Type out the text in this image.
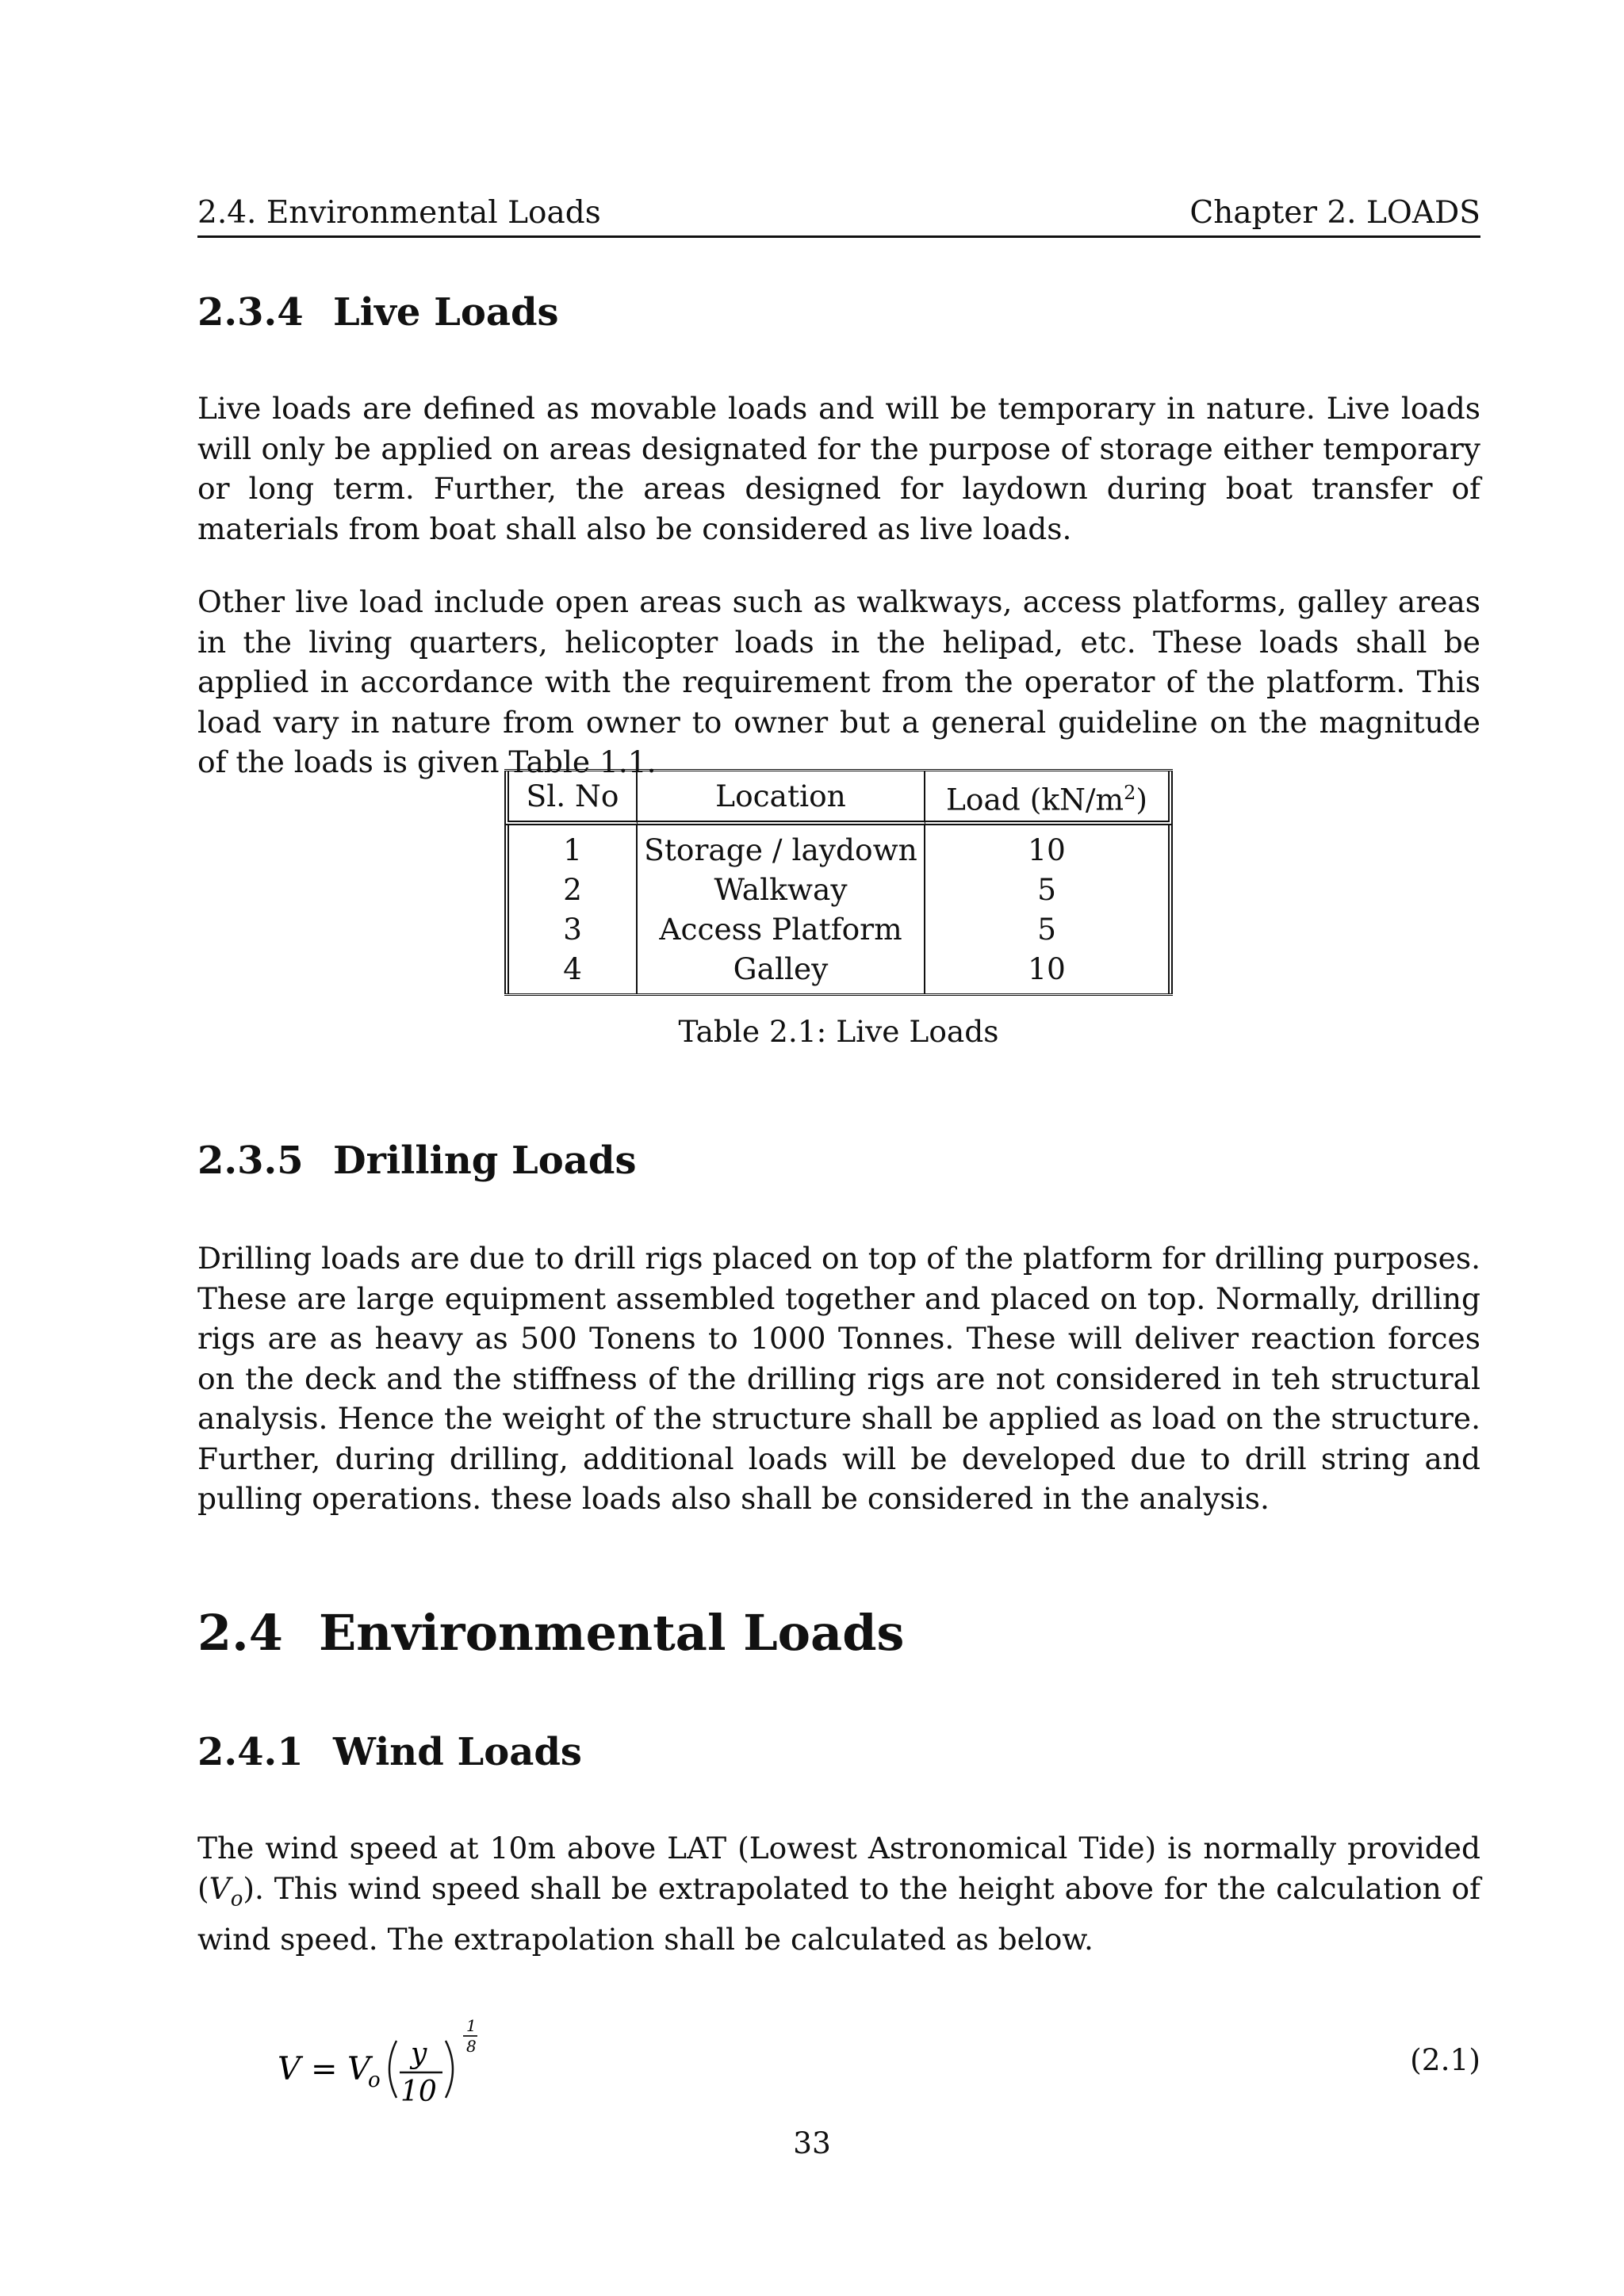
2.4. Environmental Loads	Chapter 2. LOADS
2.3.4 Live Loads

Live loads are defined as movable loads and will be temporary in nature. Live loads will only be applied on areas designated for the purpose of storage either temporary or long term. Further, the areas designed for laydown during boat transfer of materials from boat shall also be considered as live loads.

Other live load include open areas such as walkways, access platforms, galley areas in the living quarters, helicopter loads in the helipad, etc. These loads shall be applied in accordance with the requirement from the operator of the platform. This load vary in nature from owner to owner but a general guideline on the magnitude of the loads is given Table 1.1.

Sl. No	Location	Load $(kN/m^2)$
1	Storage / laydown	10
2	Walkway	5
3	Access Platform	5
4	Galley	10
Table 2.1: Live Loads
2.3.5 Drilling Loads

Drilling loads are due to drill rigs placed on top of the platform for drilling purposes. These are large equipment assembled together and placed on top. Normally, drilling rigs are as heavy as 500 Tonens to 1000 Tonnes. These will deliver reaction forces on the deck and the stiffness of the drilling rigs are not considered in teh structural analysis. Hence the weight of the structure shall be applied as load on the structure. Further, during drilling, additional loads will be developed due to drill string and pulling operations. these loads also shall be considered in the analysis.

2.4 Environmental Loads
2.4.1 Wind Loads

The wind speed at 10m above LAT (Lowest Astronomical Tide) is normally provided $(V_o)$. This wind speed shall be extrapolated to the height above for the calculation of wind speed. The extrapolation shall be calculated as below.

V = V
o
y
10
1
8	(2.1)
33
